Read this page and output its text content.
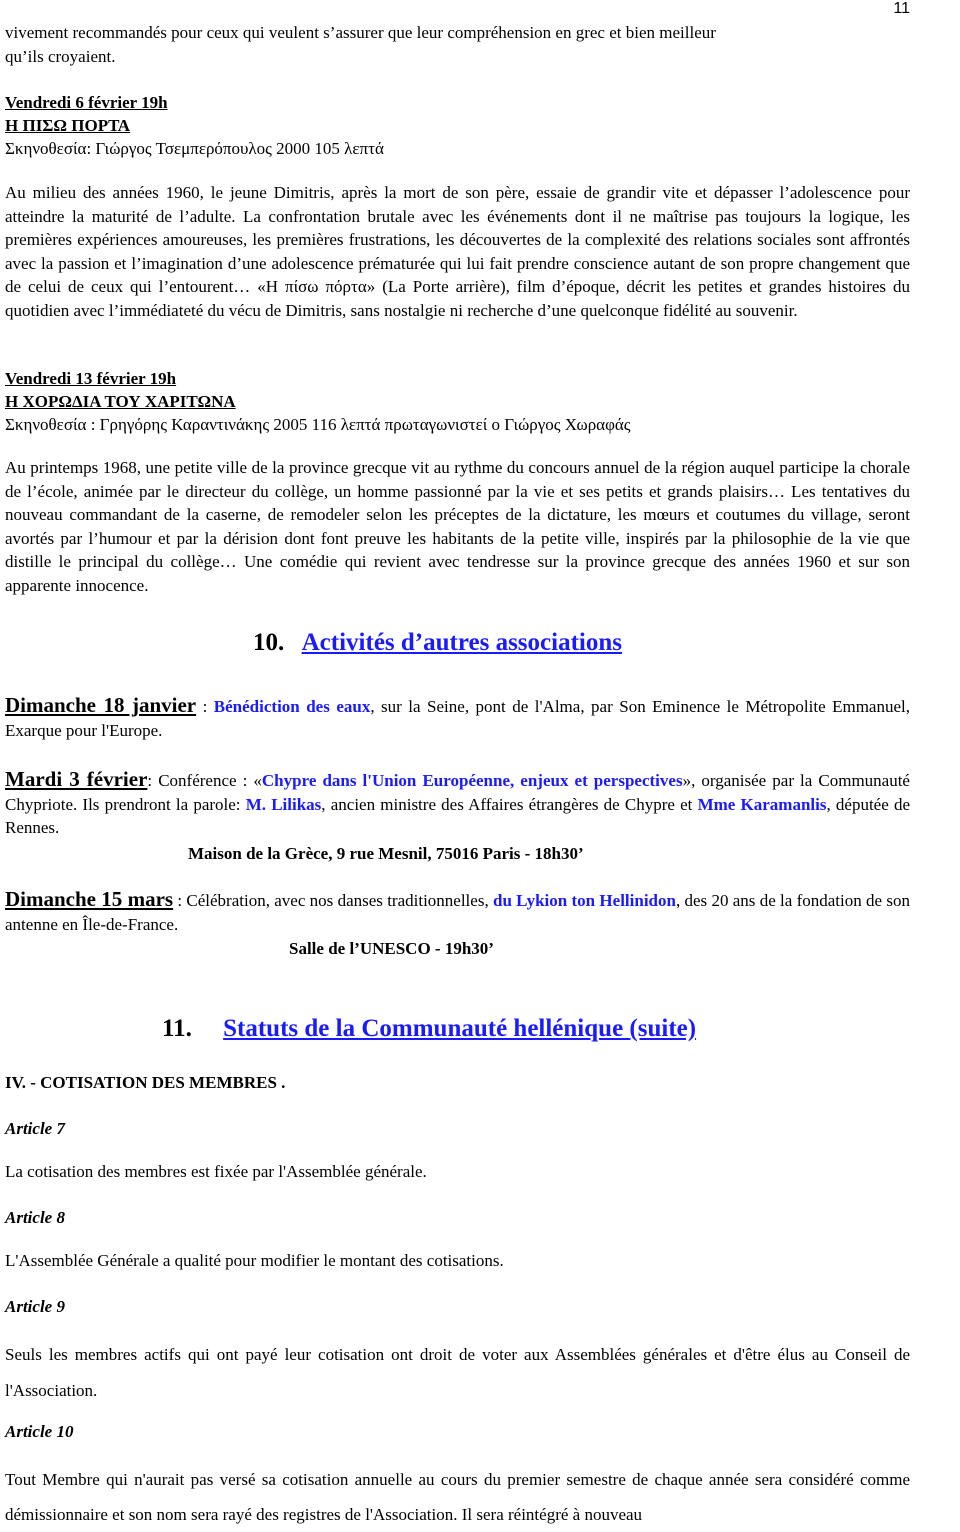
11
vivement recommandés pour ceux qui veulent s’assurer que leur compréhension en grec et bien meilleur
qu’ils croyaient.
Vendredi 6 février 19h
Η ΠΙΣΩ ΠΟΡΤΑ
Σκηνοθεσία: Γιώργος Τσεμπερόπουλος 2000 105 λεπτά
Au milieu des années 1960, le jeune Dimitris, après la mort de son père, essaie de grandir vite et dépasser l’adolescence pour atteindre la maturité de l’adulte. La confrontation brutale avec les événements dont il ne maîtrise pas toujours la logique, les premières expériences amoureuses, les premières frustrations, les découvertes de la complexité des relations sociales sont affrontés avec la passion et l’imagination d’une adolescence prématurée qui lui fait prendre conscience autant de son propre changement que de celui de ceux qui l’entourent… «Η πίσω πόρτα» (La Porte arrière), film d’époque, décrit les petites et grandes histoires du quotidien avec l’immédiateté du vécu de Dimitris, sans nostalgie ni recherche d’une quelconque fidélité au souvenir.
Vendredi 13 février 19h
Η ΧΟΡΩΔΙΑ ΤΟΥ ΧΑΡΙΤΩΝΑ
Σκηνοθεσία : Γρηγόρης Καραντινάκης 2005 116 λεπτά πρωταγωνιστεί ο Γιώργος Χωραφάς
Au printemps 1968, une petite ville de la province grecque vit au rythme du concours annuel de la région auquel participe la chorale de l’école, animée par le directeur du collège, un homme passionné par la vie et ses petits et grands plaisirs… Les tentatives du nouveau commandant de la caserne, de remodeler selon les préceptes de la dictature, les mœurs et coutumes du village, seront avortés par l’humour et par la dérision dont font preuve les habitants de la petite ville, inspirés par la philosophie de la vie que distille le principal du collège… Une comédie qui revient avec tendresse sur la province grecque des années 1960 et sur son apparente innocence.
10. Activités d’autres associations
Dimanche 18 janvier : Bénédiction des eaux, sur la Seine, pont de l'Alma, par Son Eminence le Métropolite Emmanuel, Exarque pour l'Europe.
Mardi 3 février: Conférence : «Chypre dans l'Union Européenne, enjeux et perspectives», organisée par la Communauté Chypriote. Ils prendront la parole: M. Lilikas, ancien ministre des Affaires étrangères de Chypre et Mme Karamanlis, députée de Rennes.
Maison de la Grèce, 9 rue Mesnil, 75016 Paris - 18h30’
Dimanche 15 mars : Célébration, avec nos danses traditionnelles, du Lykion ton Hellinidon, des 20 ans de la fondation de son antenne en Île-de-France.
Salle de l’UNESCO - 19h30’
11. Statuts de la Communauté hellénique (suite)
IV. - COTISATION DES MEMBRES .
Article 7
La cotisation des membres est fixée par l'Assemblée générale.
Article 8
L'Assemblée Générale a qualité pour modifier le montant des cotisations.
Article 9
Seuls les membres actifs qui ont payé leur cotisation ont droit de voter aux Assemblées générales et d'être élus au Conseil de l'Association.
Article 10
Tout Membre qui n'aurait pas versé sa cotisation annuelle au cours du premier semestre de chaque année sera considéré comme démissionnaire et son nom sera rayé des registres de l'Association. Il sera réintégré à nouveau
